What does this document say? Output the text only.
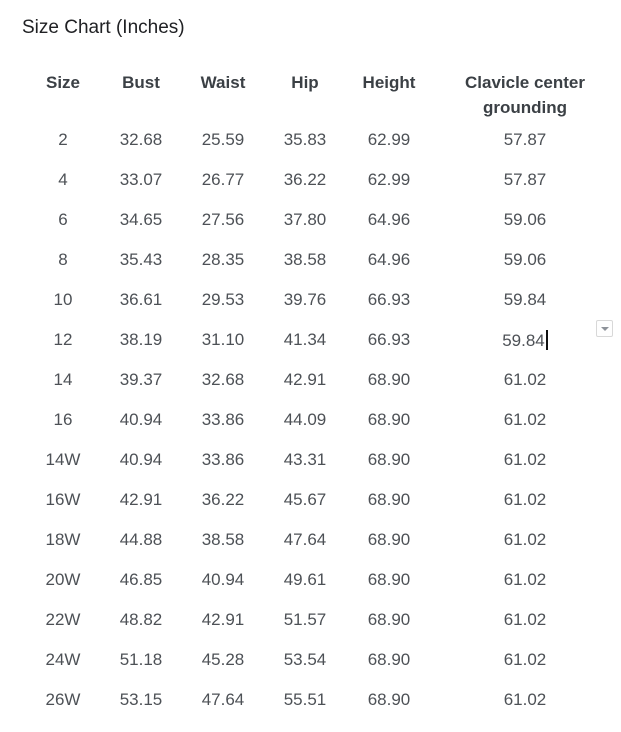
Size Chart (Inches)
Size	Bust	Waist	Hip	Height	Clavicle center grounding
2	32.68	25.59	35.83	62.99	57.87
4	33.07	26.77	36.22	62.99	57.87
6	34.65	27.56	37.80	64.96	59.06
8	35.43	28.35	38.58	64.96	59.06
10	36.61	29.53	39.76	66.93	59.84
12	38.19	31.10	41.34	66.93	59.84
14	39.37	32.68	42.91	68.90	61.02
16	40.94	33.86	44.09	68.90	61.02
14W	40.94	33.86	43.31	68.90	61.02
16W	42.91	36.22	45.67	68.90	61.02
18W	44.88	38.58	47.64	68.90	61.02
20W	46.85	40.94	49.61	68.90	61.02
22W	48.82	42.91	51.57	68.90	61.02
24W	51.18	45.28	53.54	68.90	61.02
26W	53.15	47.64	55.51	68.90	61.02
